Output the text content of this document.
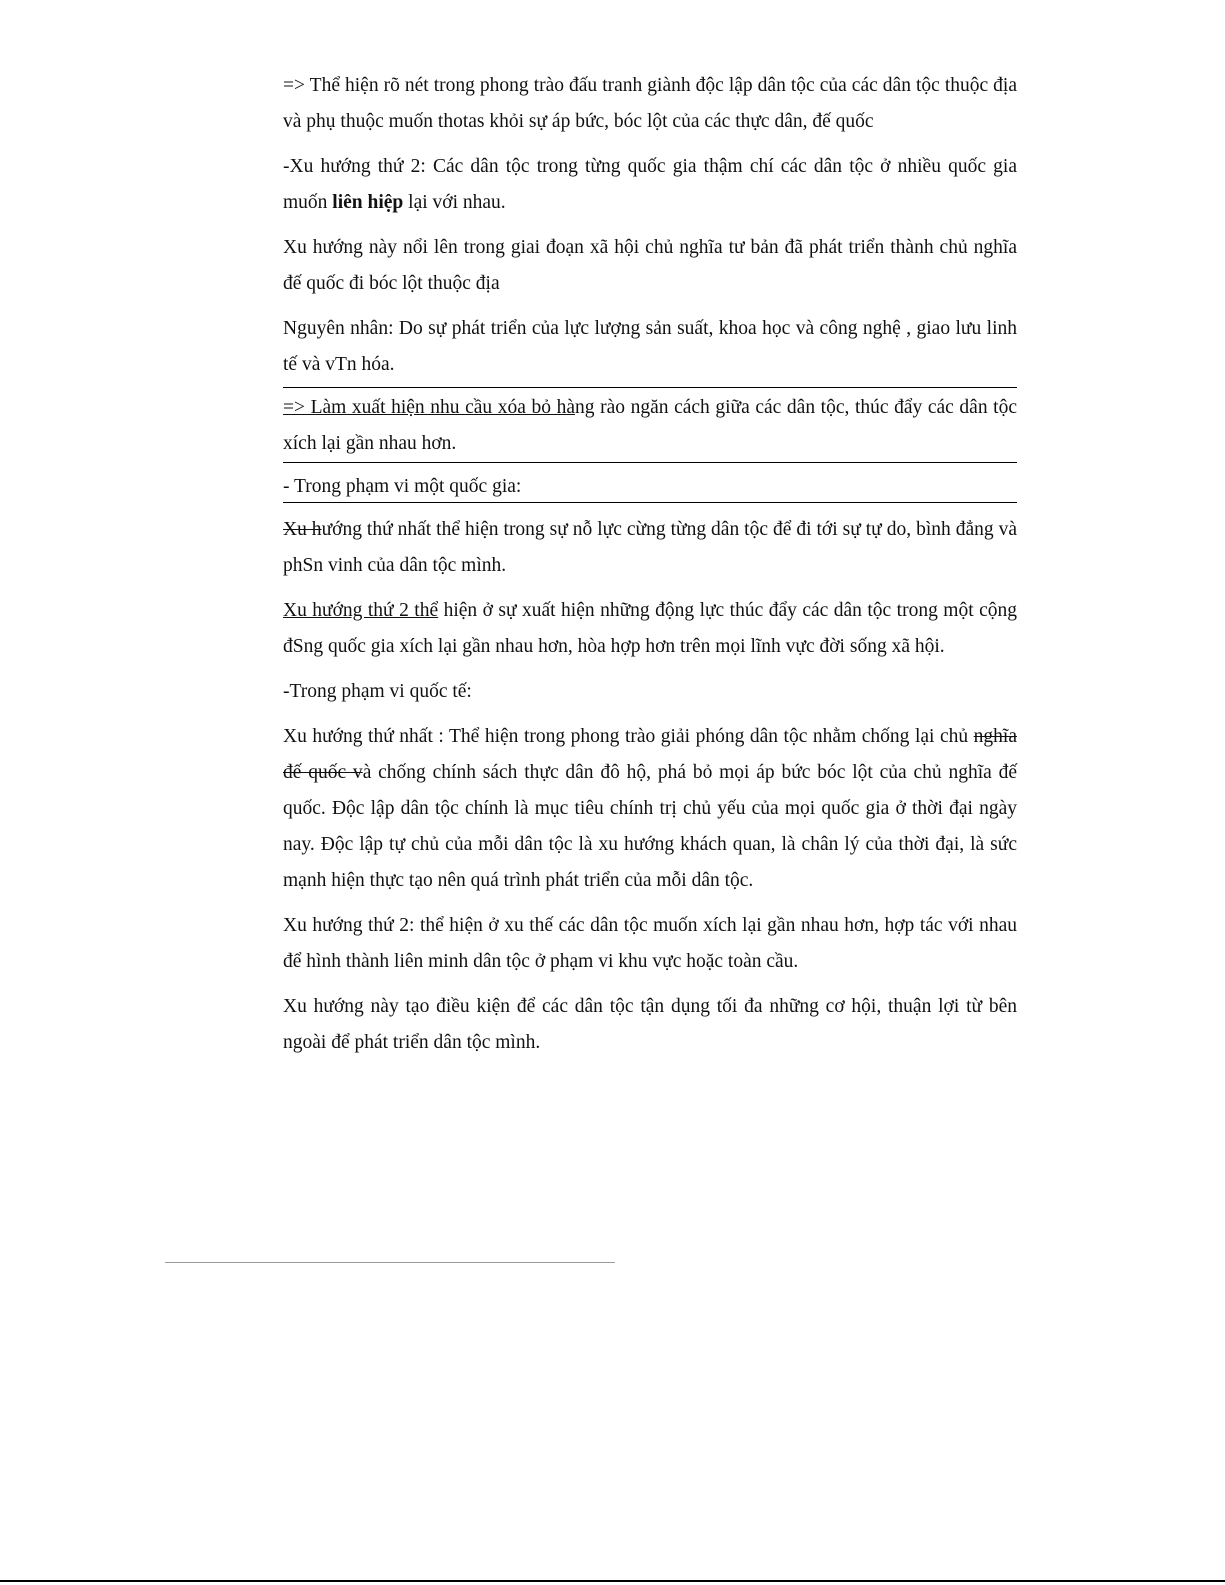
=> Thể hiện rõ nét trong phong trào đấu tranh giành độc lập dân tộc của các dân tộc thuộc địa và phụ thuộc muốn thotas khỏi sự áp bức, bóc lột của các thực dân, đế quốc

-Xu hướng thứ 2: Các dân tộc trong từng quốc gia thậm chí các dân tộc ở nhiều quốc gia muốn liên hiệp lại với nhau.

Xu hướng này nổi lên trong giai đoạn xã hội chủ nghĩa tư bản đã phát triển thành chủ nghĩa đế quốc đi bóc lột thuộc địa

Nguyên nhân: Do sự phát triển của lực lượng sản suất, khoa học và công nghệ , giao lưu linh tế và vTn hóa.

=> Làm xuất hiện nhu cầu xóa bỏ hàng rào ngăn cách giữa các dân tộc, thúc đẩy các dân tộc xích lại gần nhau hơn.

- Trong phạm vi một quốc gia:

Xu hướng thứ nhất thể hiện trong sự nỗ lực cừng từng dân tộc để đi tới sự tự do, bình đẳng và phSn vinh của dân tộc mình.

Xu hướng thứ 2 thể hiện ở sự xuất hiện những động lực thúc đẩy các dân tộc trong một cộng đSng quốc gia xích lại gần nhau hơn, hòa hợp hơn trên mọi lĩnh vực đời sống xã hội.

-Trong phạm vi quốc tế:

Xu hướng thứ nhất : Thể hiện trong phong trào giải phóng dân tộc nhằm chống lại chủ nghĩa đế quốc và chống chính sách thực dân đô hộ, phá bỏ mọi áp bức bóc lột của chủ nghĩa đế quốc. Độc lập dân tộc chính là mục tiêu chính trị chủ yếu của mọi quốc gia ở thời đại ngày nay. Độc lập tự chủ của mỗi dân tộc là xu hướng khách quan, là chân lý của thời đại, là sức mạnh hiện thực tạo nên quá trình phát triển của mỗi dân tộc.

Xu hướng thứ 2: thể hiện ở xu thế các dân tộc muốn xích lại gần nhau hơn, hợp tác với nhau để hình thành liên minh dân tộc ở phạm vi khu vực hoặc toàn cầu.

Xu hướng này tạo điều kiện để các dân tộc tận dụng tối đa những cơ hội, thuận lợi từ bên ngoài để phát triển dân tộc mình.
